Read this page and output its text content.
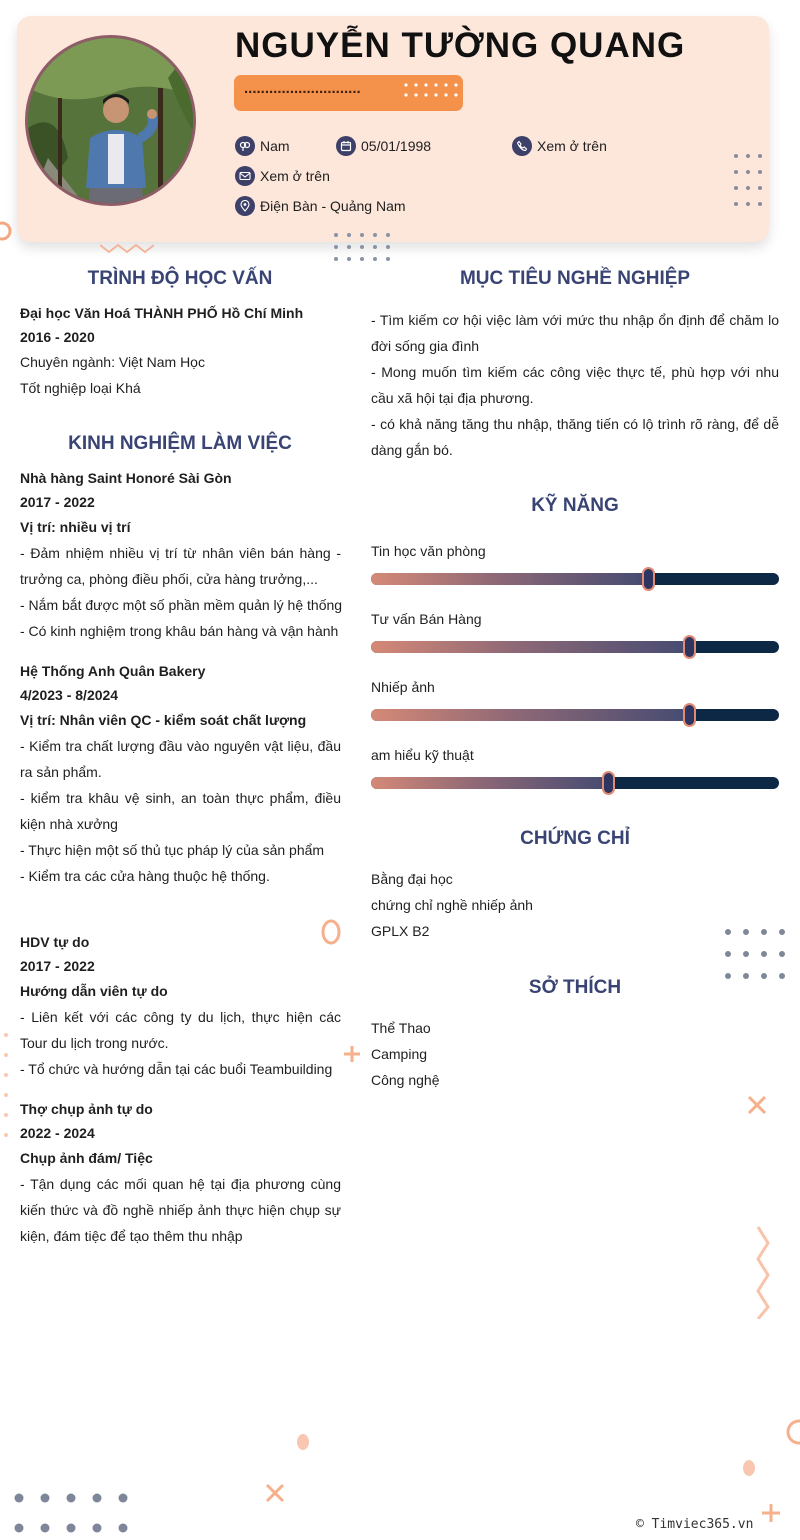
NGUYỄN TƯỜNG QUANG
............................
Nam	05/01/1998	Xem ở trên
Xem ở trên
Điện Bàn - Quảng Nam
TRÌNH ĐỘ HỌC VẤN
Đại học Văn Hoá THÀNH PHỐ Hồ Chí Minh
2016 - 2020
Chuyên ngành: Việt Nam Học
Tốt nghiệp loại Khá
KINH NGHIỆM LÀM VIỆC
Nhà hàng Saint Honoré Sài Gòn
2017 - 2022
Vị trí: nhiều vị trí
- Đảm nhiệm nhiều vị trí từ nhân viên bán hàng - trưởng ca, phòng điều phối, cửa hàng trưởng,...
- Nắm bắt được một số phần mềm quản lý hệ thống
- Có kinh nghiệm trong khâu bán hàng và vận hành
Hệ Thống Anh Quân Bakery
4/2023 - 8/2024
Vị trí: Nhân viên QC - kiểm soát chất lượng
- Kiểm tra chất lượng đầu vào nguyên vật liệu, đầu ra sản phẩm.
- kiểm tra khâu vệ sinh, an toàn thực phẩm, điều kiện nhà xưởng
- Thực hiện một số thủ tục pháp lý của sản phẩm
- Kiểm tra các cửa hàng thuộc hệ thống.
HDV tự do
2017 - 2022
Hướng dẫn viên tự do
- Liên kết với các công ty du lịch, thực hiện các Tour du lịch trong nước.
- Tổ chức và hướng dẫn tại các buổi Teambuilding
Thợ chụp ảnh tự do
2022 - 2024
Chụp ảnh đám/ Tiệc
- Tận dụng các mối quan hệ tại địa phương cùng kiến thức và đồ nghề nhiếp ảnh thực hiện chụp sự kiện, đám tiệc để tạo thêm thu nhập
MỤC TIÊU NGHỀ NGHIỆP
- Tìm kiếm cơ hội việc làm với mức thu nhập ổn định để chăm lo đời sống gia đình
- Mong muốn tìm kiếm các công việc thực tế, phù hợp với nhu cầu xã hội tại địa phương.
- có khả năng tăng thu nhập, thăng tiến có lộ trình rõ ràng, để dễ dàng gắn bó.
KỸ NĂNG
Tin học văn phòng
Tư vấn Bán Hàng
Nhiếp ảnh
am hiểu kỹ thuật
CHỨNG CHỈ
Bằng đại học
chứng chỉ nghề nhiếp ảnh
GPLX B2
SỞ THÍCH
Thể Thao
Camping
Công nghệ
© Timviec365.vn
